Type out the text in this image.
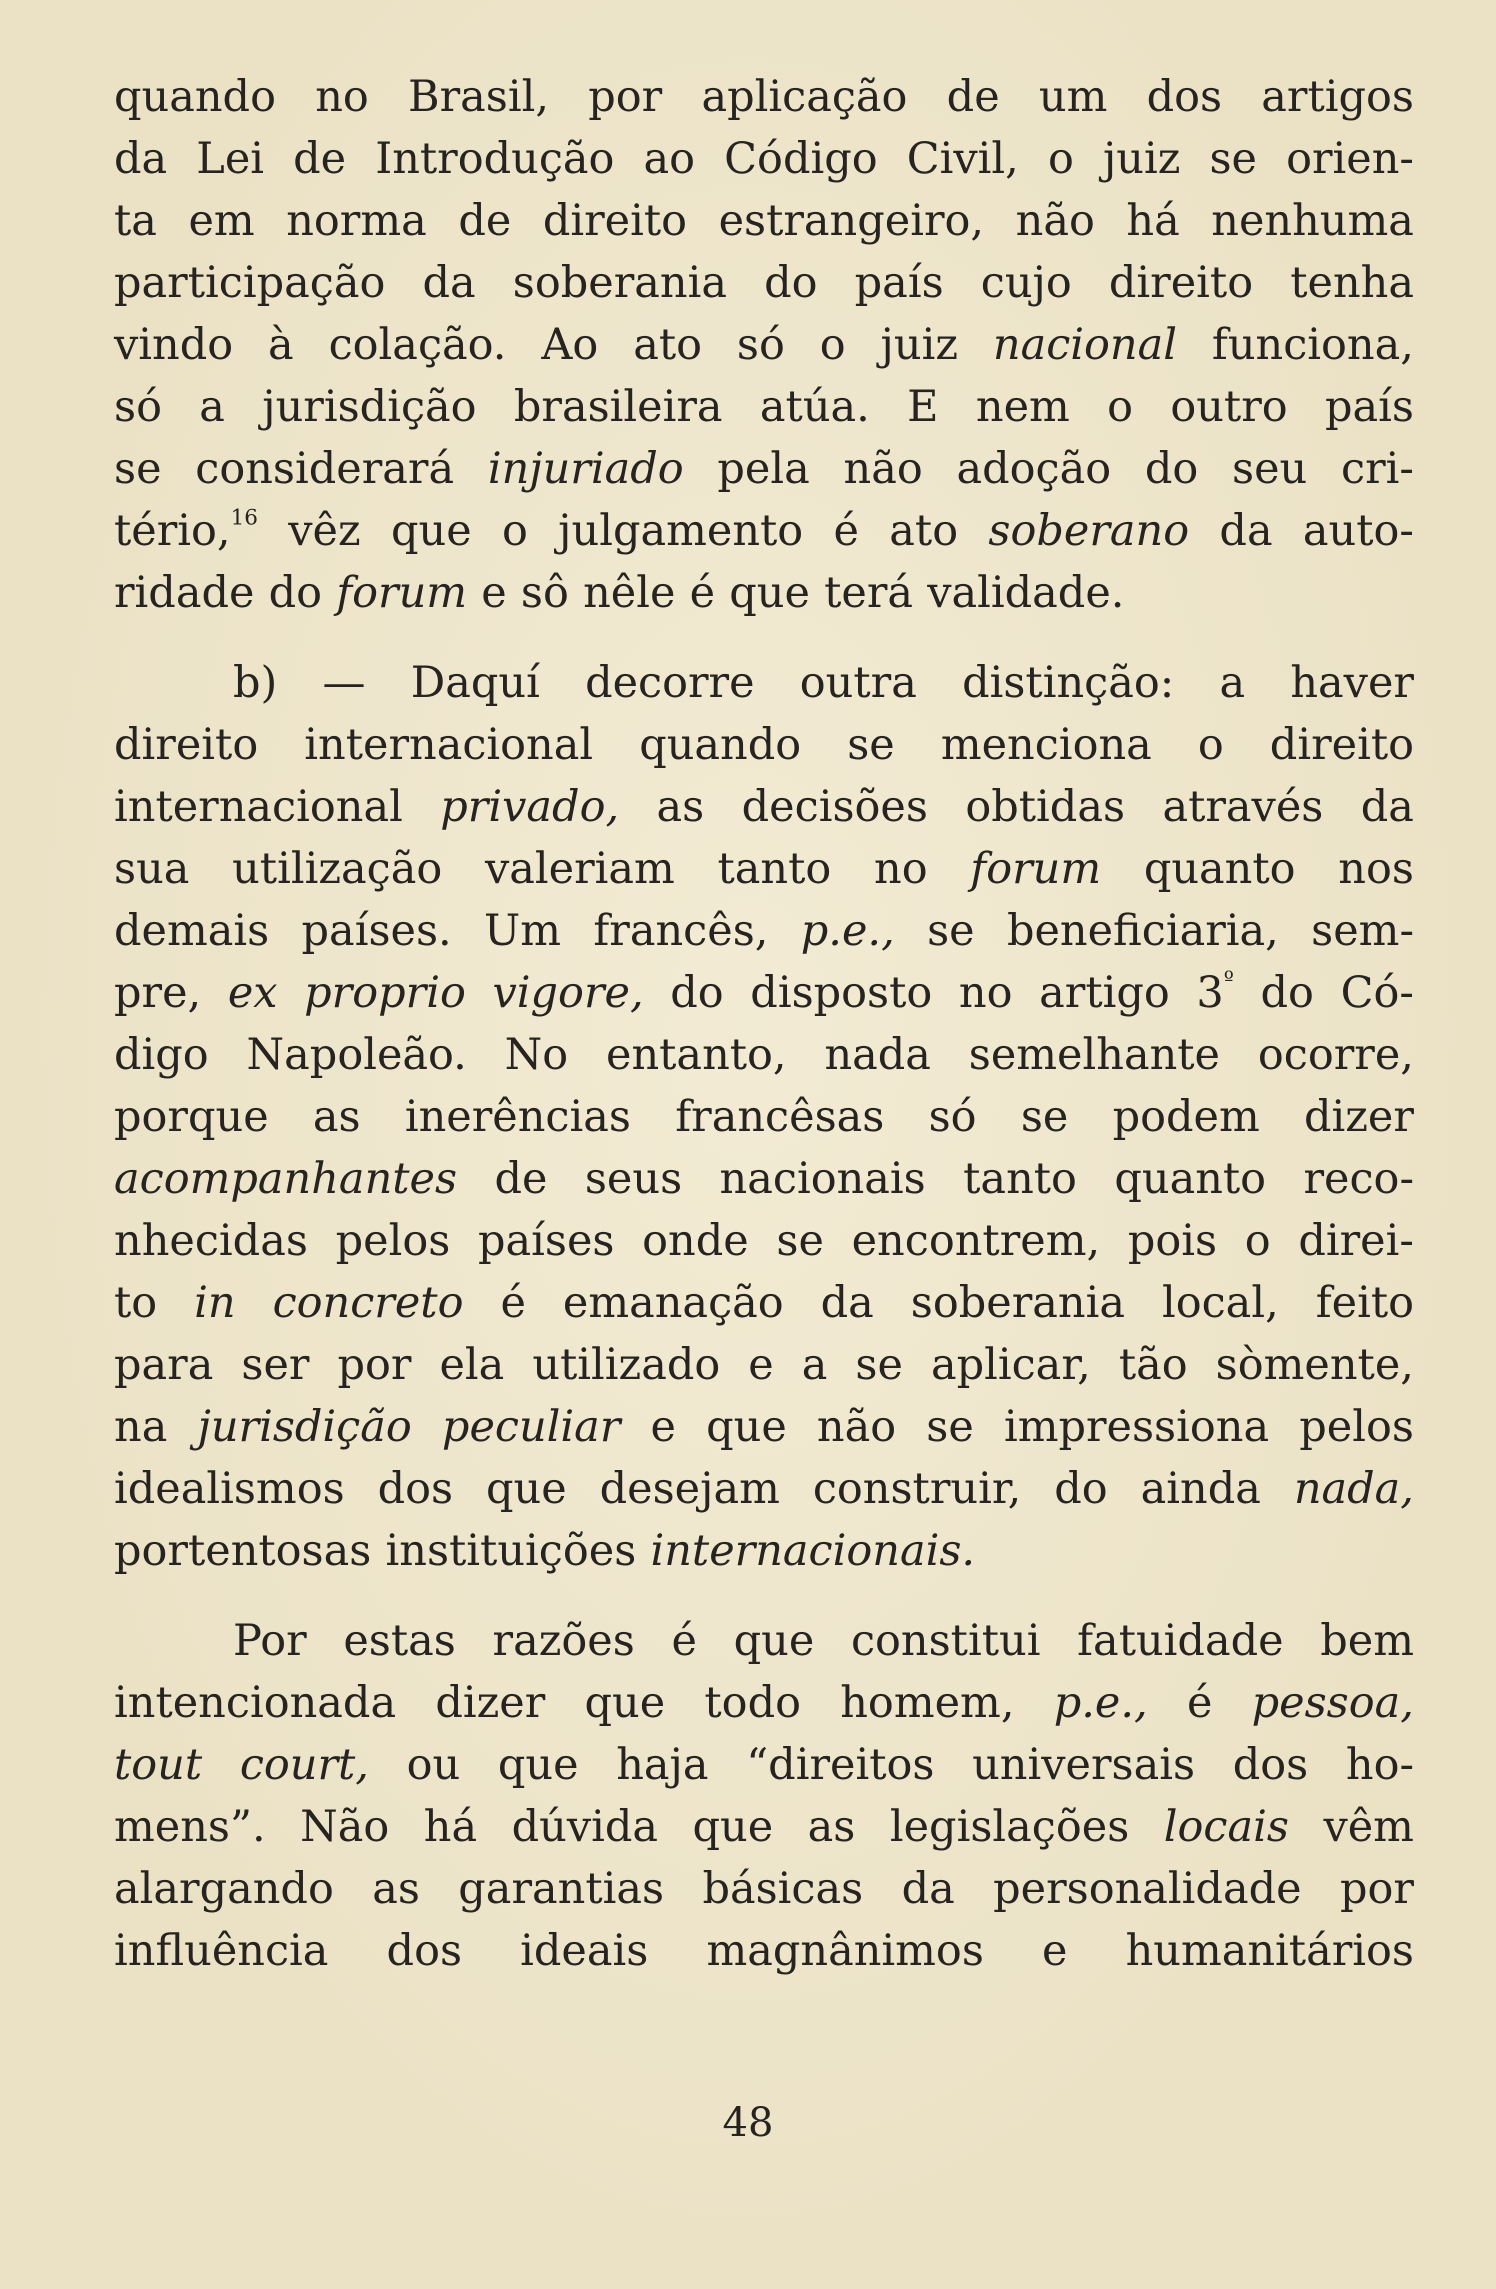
quando no Brasil, por aplicação de um dos artigos
da Lei de Introdução ao Código Civil, o juiz se orien-
ta em norma de direito estrangeiro, não há nenhuma
participação da soberania do país cujo direito tenha
vindo à colação. Ao ato só o juiz nacional funciona,
só a jurisdição brasileira atúa. E nem o outro país
se considerará injuriado pela não adoção do seu cri-
tério,$^{16}$ vêz que o julgamento é ato soberano da auto-
ridade do forum e sô nêle é que terá validade.
b) — Daquí decorre outra distinção: a haver
direito internacional quando se menciona o direito
internacional privado, as decisões obtidas através da
sua utilização valeriam tanto no forum quanto nos
demais países. Um francês, p.e., se beneficiaria, sem-
pre, ex proprio vigore, do disposto no artigo $3^º$ do Có-
digo Napoleão. No entanto, nada semelhante ocorre,
porque as inerências francêsas só se podem dizer
acompanhantes de seus nacionais tanto quanto reco-
nhecidas pelos países onde se encontrem, pois o direi-
to in concreto é emanação da soberania local, feito
para ser por ela utilizado e a se aplicar, tão sòmente,
na jurisdição peculiar e que não se impressiona pelos
idealismos dos que desejam construir, do ainda nada,
portentosas instituições internacionais.
Por estas razões é que constitui fatuidade bem
intencionada dizer que todo homem, p.e., é pessoa,
tout court, ou que haja “direitos universais dos ho-
mens”. Não há dúvida que as legislações locais vêm
alargando as garantias básicas da personalidade por
influência dos ideais magnânimos e humanitários
48
